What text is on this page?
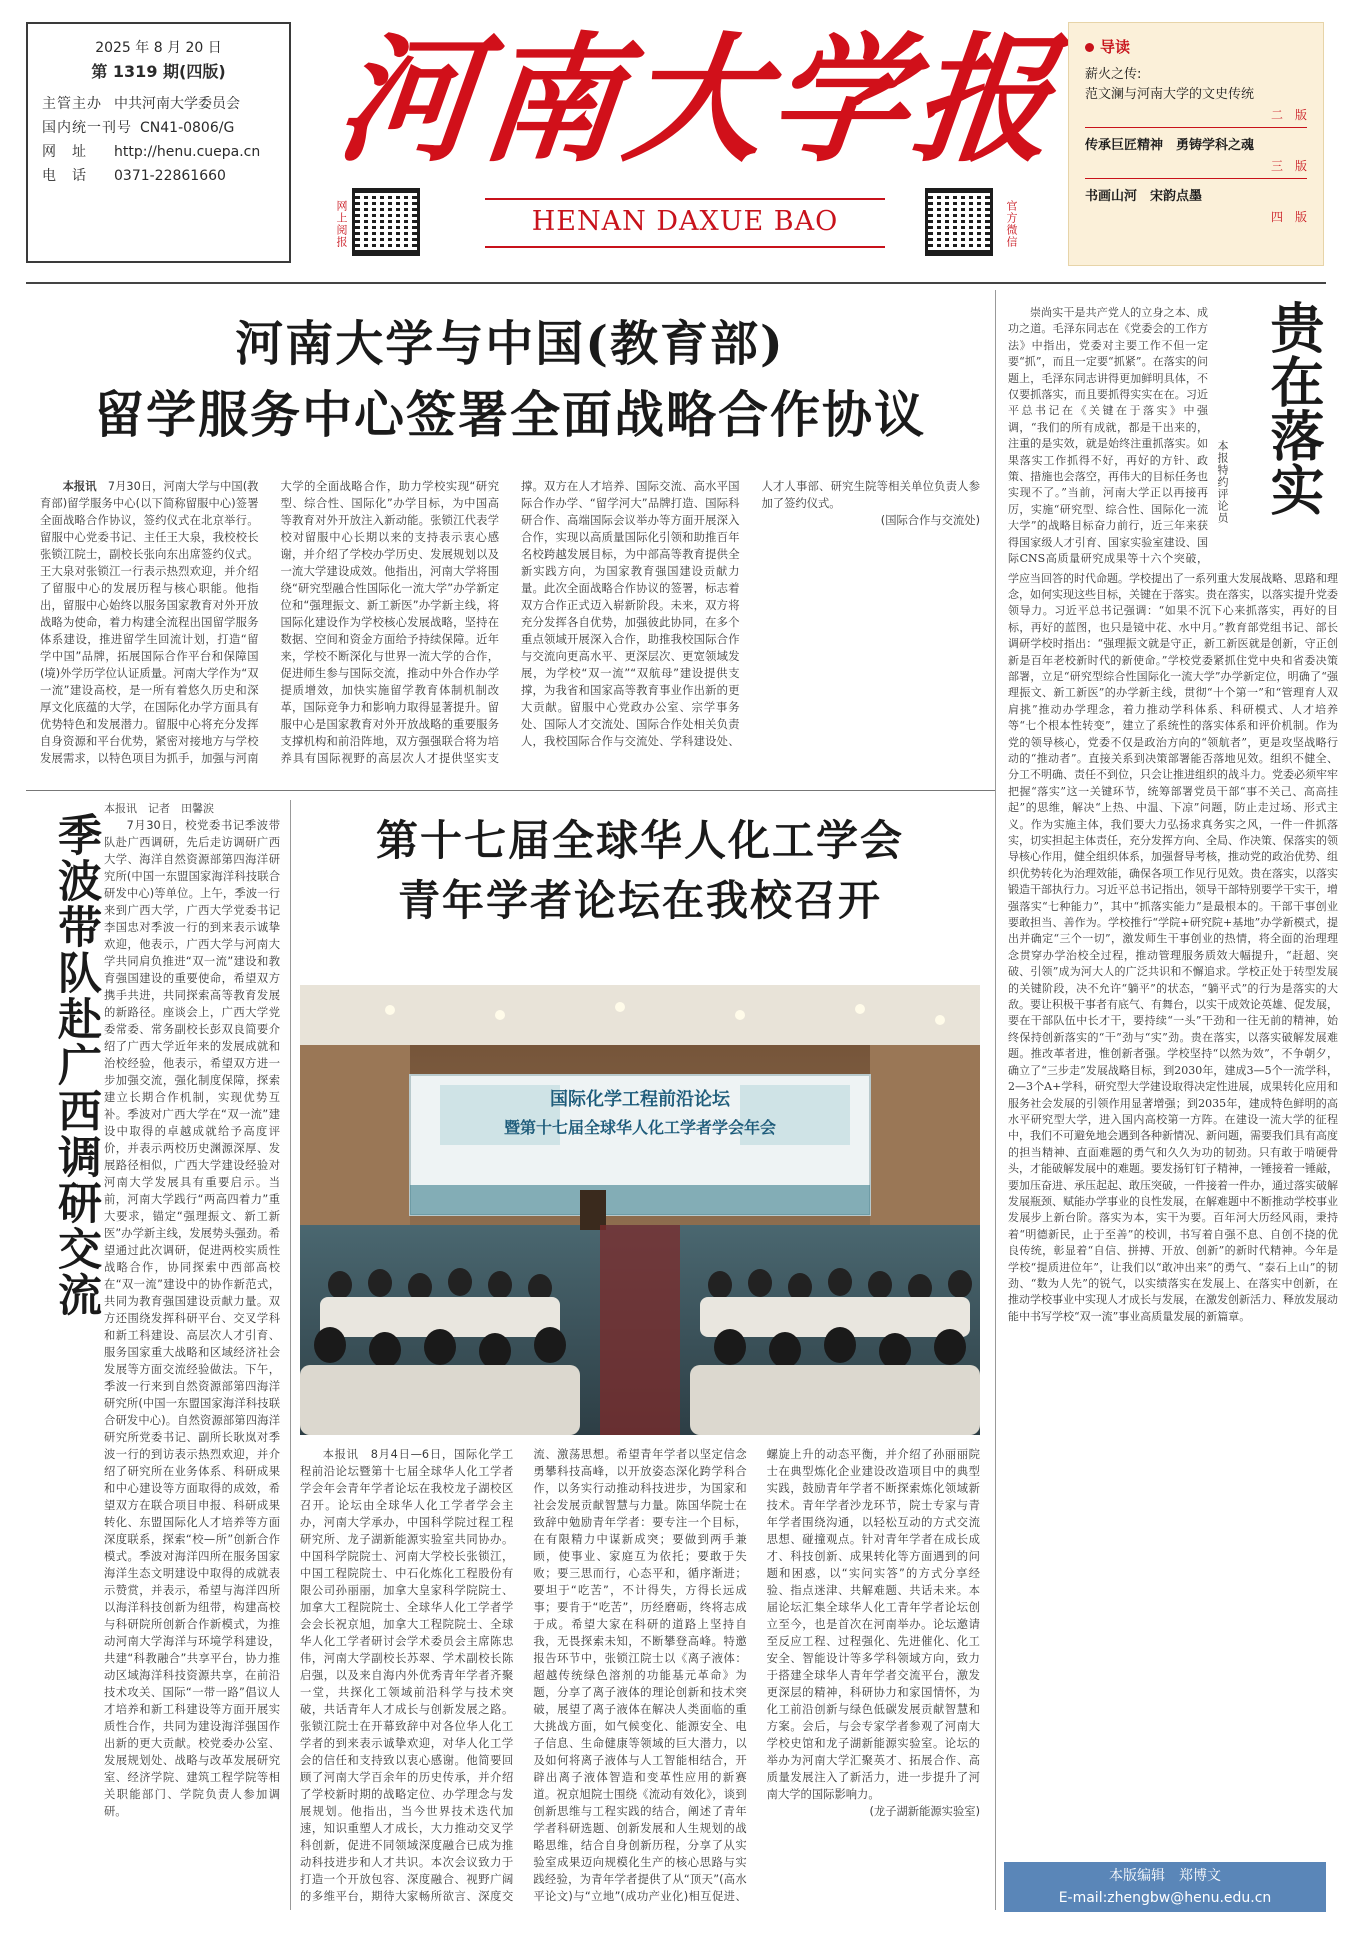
2025 年 8 月 20 日
第 1319 期(四版)
主管主办 中共河南大学委员会
国内统一刊号 CN41-0806/G
网　址	http://henu.cuepa.cn
电　话	0371-22861660 河南大学报
HENAN DAXUE BAO
网上阅报	官方微信
导读
薪火之传:
范文澜与河南大学的文史传统
二　版
传承巨匠精神　勇铸学科之魂
三　版
书画山河　宋韵点墨
四　版
河南大学与中国(教育部)
留学服务中心签署全面战略合作协议

本报讯　 7月30日，河南大学与中国(教育部)留学服务中心(以下简称留服中心)签署全面战略合作协议，签约仪式在北京举行。留服中心党委书记、主任王大泉，我校校长张锁江院士，副校长张向东出席签约仪式。王大泉对张锁江一行表示热烈欢迎，并介绍了留服中心的发展历程与核心职能。他指出，留服中心始终以服务国家教育对外开放战略为使命，着力构建全流程出国留学服务体系建设，推进留学生回流计划，打造“留学中国”品牌，拓展国际合作平台和保障国(境)外学历学位认证质量。河南大学作为“双一流”建设高校，是一所有着悠久历史和深厚文化底蕴的大学，在国际化办学方面具有优势特色和发展潜力。留服中心将充分发挥自身资源和平台优势，紧密对接地方与学校发展需求，以特色项目为抓手，加强与河南大学的全面战略合作，助力学校实现“研究型、综合性、国际化”办学目标，为中国高等教育对外开放注入新动能。张锁江代表学校对留服中心长期以来的支持表示衷心感谢，并介绍了学校办学历史、发展规划以及一流大学建设成效。他指出，河南大学将围绕“研究型融合性国际化一流大学”办学新定位和“强理振文、新工新医”办学新主线，将国际化建设作为学校核心发展战略，坚持在数据、空间和资金方面给予持续保障。近年来，学校不断深化与世界一流大学的合作，促进师生参与国际交流，推动中外合作办学提质增效，加快实施留学教育体制机制改革，国际竞争力和影响力取得显著提升。留服中心是国家教育对外开放战略的重要服务支撑机构和前沿阵地，双方强强联合将为培养具有国际视野的高层次人才提供坚实支撑。双方在人才培养、国际交流、高水平国际合作办学、“留学河大”品牌打造、国际科研合作、高端国际会议举办等方面开展深入合作，实现以高质量国际化引领和助推百年名校跨越发展目标，为中部高等教育提供全新实践方向，为国家教育强国建设贡献力量。此次全面战略合作协议的签署，标志着双方合作正式迈入崭新阶段。未来，双方将充分发挥各自优势，加强彼此协同，在多个重点领域开展深入合作，助推我校国际合作与交流向更高水平、更深层次、更宽领域发展，为学校“双一流”“双航母”建设提供支撑，为我省和国家高等教育事业作出新的更大贡献。留服中心党政办公室、宗学事务处、国际人才交流处、国际合作处相关负责人，我校国际合作与交流处、学科建设处、人才人事部、研究生院等相关单位负责人参加了签约仪式。

(国际合作与交流处)

季波带队赴广西调研交流

本报讯　记者　田馨涙

7月30日，校党委书记季波带队赴广西调研，先后走访调研广西大学、海洋自然资源部第四海洋研究所(中国一东盟国家海洋科技联合研发中心)等单位。上午，季波一行来到广西大学，广西大学党委书记李国忠对季波一行的到来表示诚挚欢迎，他表示，广西大学与河南大学共同肩负推进“双一流”建设和教育强国建设的重要使命，希望双方携手共进，共同探索高等教育发展的新路径。座谈会上，广西大学党委常委、常务副校长彭双良简要介绍了广西大学近年来的发展成就和治校经验，他表示，希望双方进一步加强交流，强化制度保障，探索建立长期合作机制，实现优势互补。季波对广西大学在“双一流”建设中取得的卓越成就给予高度评价，并表示两校历史渊源深厚、发展路径相似，广西大学建设经验对河南大学发展具有重要启示。当前，河南大学践行“两高四着力”重大要求，锚定“强理振文、新工新医”办学新主线，发展势头强劲。希望通过此次调研，促进两校实质性战略合作，协同探索中西部高校在“双一流”建设中的协作新范式，共同为教育强国建设贡献力量。双方还围绕发挥科研平台、交叉学科和新工科建设、高层次人才引育、服务国家重大战略和区域经济社会发展等方面交流经验做法。下午，季波一行来到自然资源部第四海洋研究所(中国一东盟国家海洋科技联合研发中心)。自然资源部第四海洋研究所党委书记、副所长耿岚对季波一行的到访表示热烈欢迎，并介绍了研究所在业务体系、科研成果和中心建设等方面取得的成效，希望双方在联合项目申报、科研成果转化、东盟国际化人才培养等方面深度联系，探索“校—所”创新合作模式。季波对海洋四所在服务国家海洋生态文明建设中取得的成就表示赞赏，并表示，希望与海洋四所以海洋科技创新为纽带，构建高校与科研院所创新合作新模式，为推动河南大学海洋与环境学科建设，共建“科教融合”共享平台，协力推动区域海洋科技资源共享，在前沿技术攻关、国际“一带一路”倡议人才培养和新工科建设等方面开展实质性合作，共同为建设海洋强国作出新的更大贡献。校党委办公室、发展规划处、战略与改革发展研究室、经济学院、建筑工程学院等相关职能部门、学院负责人参加调研。

第十七届全球华人化工学会
青年学者论坛在我校召开
国际化学工程前沿论坛
暨第十七届全球华人化工学者学会年会

本报讯　8月4日—6日，国际化学工程前沿论坛暨第十七届全球华人化工学者学会年会青年学者论坛在我校龙子湖校区召开。论坛由全球华人化工学者学会主办，河南大学承办，中国科学院过程工程研究所、龙子湖新能源实验室共同协办。中国科学院院士、河南大学校长张锁江，中国工程院院士、中石化炼化工程股份有限公司孙丽丽，加拿大皇家科学院院士、加拿大工程院院士、全球华人化工学者学会会长祝京旭，加拿大工程院院士、全球华人化工学者研讨会学术委员会主席陈忠伟，河南大学副校长苏翠、学术副校长陈启强，以及来自海内外优秀青年学者齐聚一堂，共探化工领域前沿科学与技术突破，共话青年人才成长与创新发展之路。张锁江院士在开幕致辞中对各位华人化工学者的到来表示诚挚欢迎，对华人化工学会的信任和支持致以衷心感谢。他简要回顾了河南大学百余年的历史传承，并介绍了学校新时期的战略定位、办学理念与发展规划。他指出，当今世界技术迭代加速，知识重塑人才成长，大力推动交叉学科创新，促进不同领域深度融合已成为推动科技进步和人才共识。本次会议致力于打造一个开放包容、深度融合、视野广阔的多维平台，期待大家畅所欲言、深度交流、激荡思想。希望青年学者以坚定信念勇攀科技高峰，以开放姿态深化跨学科合作，以务实行动推动科技进步，为国家和社会发展贡献智慧与力量。陈国华院士在致辞中勉励青年学者：要专注一个目标，在有限精力中谋新成突；要做到两手兼顾，使事业、家庭互为依托；要敢于失败；要三思而行，心态平和，循序渐进；要坦于“吃苦”，不计得失，方得长远成事；要肯于“吃苦”，历经磨砺，终将志成于成。希望大家在科研的道路上坚持自我，无畏探索未知，不断攀登高峰。特邀报告环节中，张锁江院士以《离子液体：超越传统绿色溶剂的功能基元革命》为题，分享了离子液体的理论创新和技术突破，展望了离子液体在解决人类面临的重大挑战方面，如气候变化、能源安全、电子信息、生命健康等领域的巨大潜力，以及如何将离子液体与人工智能相结合，开辟出离子液体智造和变革性应用的新赛道。祝京旭院士围绕《流动有效化》，谈到创新思维与工程实践的结合，阐述了青年学者科研选题、创新发展和人生规划的战略思维，结合自身创新历程，分享了从实验室成果迈向规模化生产的核心思路与实践经验，为青年学者提供了从“顶天”(高水平论文)与“立地”(成功产业化)相互促进、螺旋上升的动态平衡，并介绍了孙丽丽院士在典型炼化企业建设改造项目中的典型实践，鼓励青年学者不断探索炼化领域新技术。青年学者沙龙环节，院士专家与青年学者围绕沟通，以轻松互动的方式交流思想、碰撞观点。针对青年学者在成长成才、科技创新、成果转化等方面遇到的问题和困惑，以“实问实答”的方式分享经验、指点迷津、共解难题、共话未来。本届论坛汇集全球华人化工青年学者论坛创立至今，也是首次在河南举办。论坛邀请至反应工程、过程强化、先进催化、化工安全、智能设计等多学科领域方向，致力于搭建全球华人青年学者交流平台，激发更深层的精神，科研协力和家国情怀，为化工前沿创新与绿色低碳发展贡献智慧和方案。会后，与会专家学者参观了河南大学校史馆和龙子湖新能源实验室。论坛的举办为河南大学汇聚英才、拓展合作、高质量发展注入了新活力，进一步提升了河南大学的国际影响力。

(龙子湖新能源实验室)

贵在落实
本报特约评论员

崇尚实干是共产党人的立身之本、成功之道。毛泽东同志在《党委会的工作方法》中指出，党委对主要工作不但一定要“抓”，而且一定要“抓紧”。在落实的问题上，毛泽东同志讲得更加鲜明具体，不仅要抓落实，而且要抓得实实在在。习近平总书记在《关键在于落实》中强调，“我们的所有成就，都是干出来的，注重的是实效，就是始终注重抓落实。如果落实工作抓得不好，再好的方针、政策、措施也会落空，再伟大的目标任务也实现不了。”当前，河南大学正以再接再厉，实施“研究型、综合性、国际化一流大学”的战略目标奋力前行，近三年来获得国家级人才引育、国家实验室建设、国际CNS高质量研究成果等十六个突破，

学应当回答的时代命题。学校提出了一系列重大发展战略、思路和理念，如何实现这些目标，关键在于落实。贵在落实，以落实提升党委领导力。习近平总书记强调：“如果不沉下心来抓落实，再好的目标，再好的蓝图，也只是镜中花、水中月。”教育部党组书记、部长调研学校时指出：“强理振文就是守正，新工新医就是创新，守正创新是百年老校新时代的新使命。”学校党委紧抓住党中央和省委决策部署，立足“研究型综合性国际化一流大学”办学新定位，明确了“强理振文、新工新医”的办学新主线，贯彻“十个第一”和“管理育人双肩挑”推动办学理念，着力推动学科体系、科研模式、人才培养等“七个根本性转变”，建立了系统性的落实体系和评价机制。作为党的领导核心，党委不仅是政治方向的“领航者”，更是攻坚战略行动的“推动者”。直接关系到决策部署能否落地见效。组织不健全、分工不明确、责任不到位，只会让推进组织的战斗力。党委必须牢牢把握“落实”这一关键环节，统筹部署党员干部“事不关己、高高挂起”的思维，解决“上热、中温、下凉”问题，防止走过场、形式主义。作为实施主体，我们要大力弘扬求真务实之风，一件一件抓落实，切实担起主体责任，充分发挥方向、全局、作决策、保落实的领导核心作用，健全组织体系，加强督导考核，推动党的政治优势、组织优势转化为治理效能，确保各项工作见行见效。贵在落实，以落实锻造干部执行力。习近平总书记指出，领导干部特别要学干实干，增强落实“七种能力”，其中“抓落实能力”是最根本的。干部干事创业要敢担当、善作为。学校推行“学院+研究院+基地”办学新模式，提出并确定“三个一切”，激发师生干事创业的热情，将全面的治理理念贯穿办学治校全过程，推动管理服务质效大幅提升，“赶超、突破、引领”成为河大人的广泛共识和不懈追求。学校正处于转型发展的关键阶段，决不允许“躺平”的状态，“躺平式”的行为是落实的大敌。要让积极干事者有底气、有舞台，以实干成效论英雄、促发展，要在干部队伍中长才干，要持续“一头”干劲和一往无前的精神，始终保持创新落实的“干”劲与“实”劲。贵在落实，以落实破解发展难题。推改革者进，惟创新者强。学校坚持“以然为效”，不争朝夕，确立了“三步走”发展战略目标，到2030年，建成3—5个一流学科，2—3个A+学科，研究型大学建设取得决定性进展，成果转化应用和服务社会发展的引领作用显著增强；到2035年，建成特色鲜明的高水平研究型大学，进入国内高校第一方阵。在建设一流大学的征程中，我们不可避免地会遇到各种新情况、新问题，需要我们具有高度的担当精神、直面难题的勇气和久久为功的韧劲。只有敢于啃硬骨头，才能破解发展中的难题。要发扬钉钉子精神，一锤接着一锤敲，要加压奋进、承压起起、敢压突破，一件接着一件办，通过落实破解发展瓶颈、赋能办学事业的良性发展，在解难题中不断推动学校事业发展步上新台阶。落实为本，实干为要。百年河大历经风雨，秉持着“明德新民，止于至善”的校训，书写着自强不息、自创不挠的优良传统，彰显着“自信、拼搏、开放、创新”的新时代精神。今年是学校“提质进位年”，让我们以“敢冲出来”的勇气、“泰石上山”的韧劲、“数为人先”的锐气，以实绩落实在发展上、在落实中创新，在推动学校事业中实现人才成长与发展，在激发创新活力、释放发展动能中书写学校“双一流”事业高质量发展的新篇章。

本版编辑　郑博文
E-mail:zhengbw@henu.edu.cn
